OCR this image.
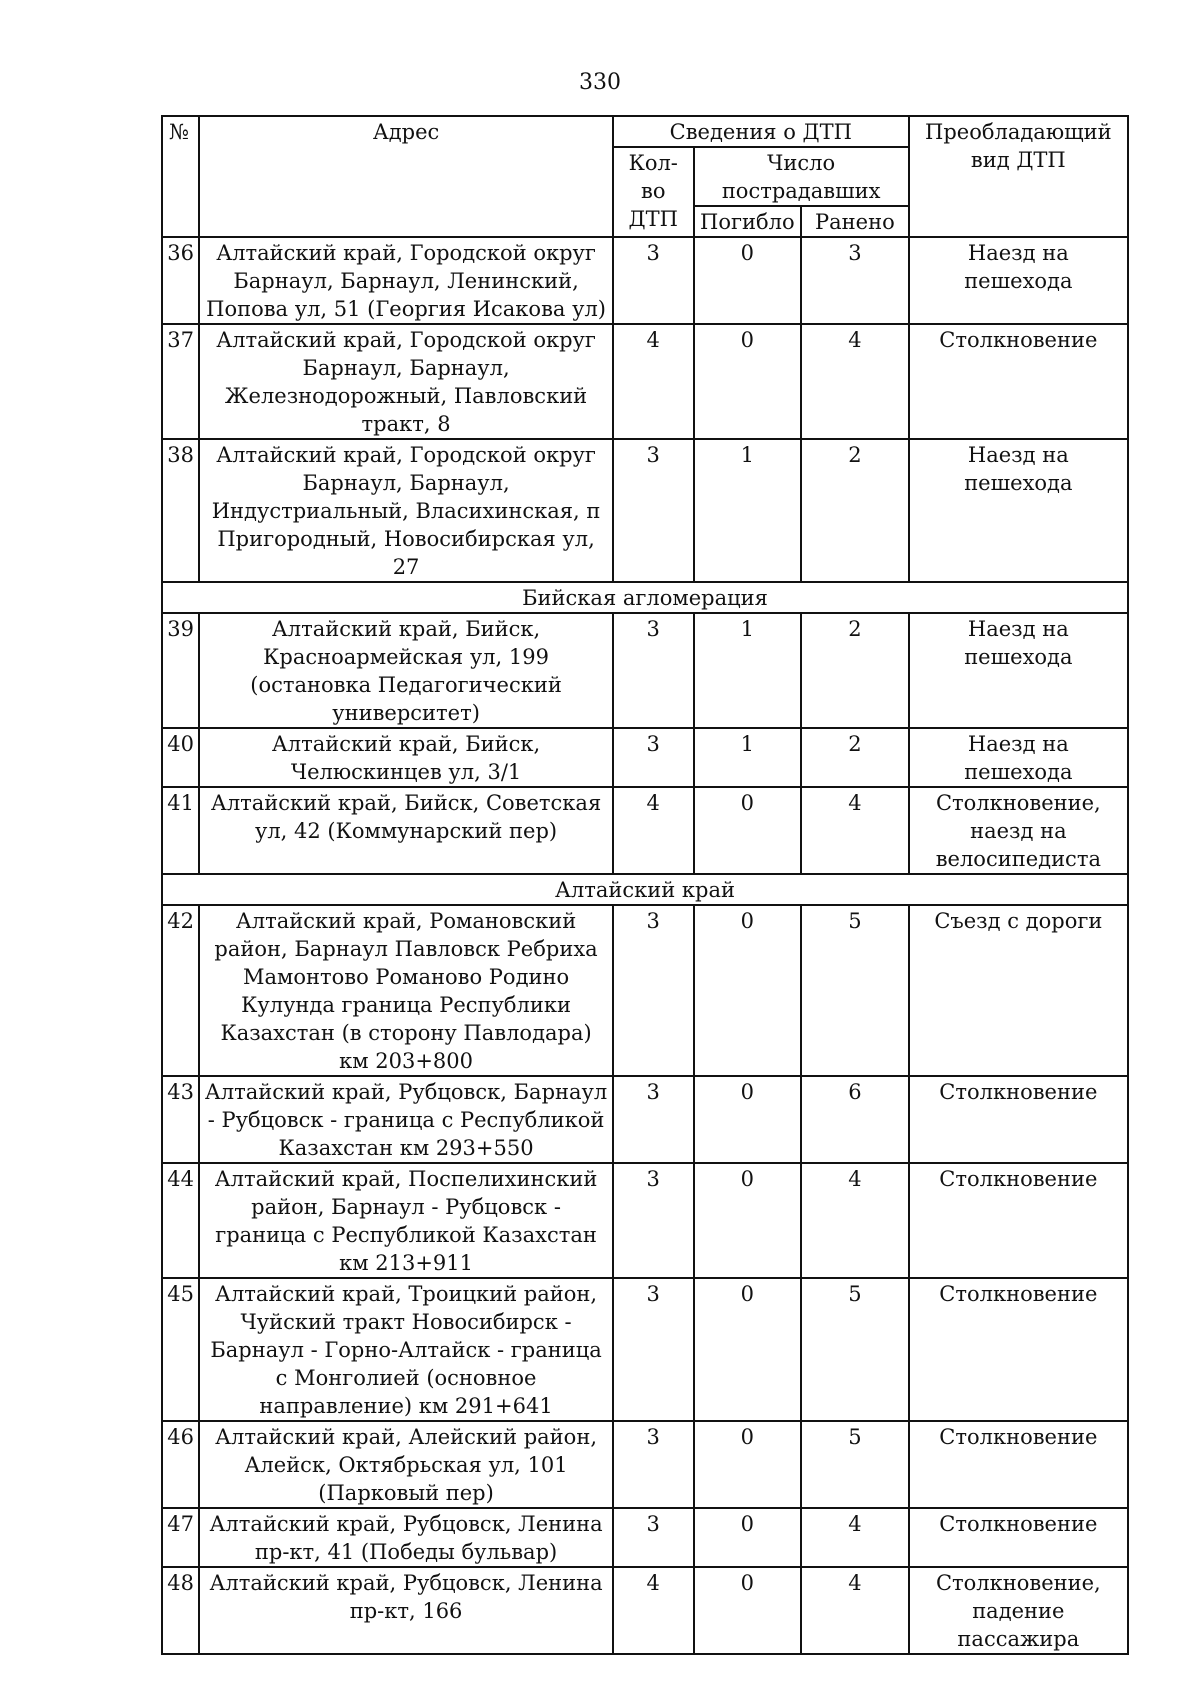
330
№	Адрес	Сведения о ДТП			Преобладающий вид ДТП
		Кол-во ДТП	Число пострадавших		
			Погибло	Ранено	
36	Алтайский край, Городской округ Барнаул, Барнаул, Ленинский, Попова ул, 51 (Георгия Исакова ул)	3	0	3	Наезд на пешехода
37	Алтайский край, Городской округ Барнаул, Барнаул, Железнодорожный, Павловский тракт, 8	4	0	4	Столкновение
38	Алтайский край, Городской округ Барнаул, Барнаул, Индустриальный, Власихинская, п Пригородный, Новосибирская ул, 27	3	1	2	Наезд на пешехода
Бийская агломерация					
39	Алтайский край, Бийск, Красноармейская ул, 199 (остановка Педагогический университет)	3	1	2	Наезд на пешехода
40	Алтайский край, Бийск, Челюскинцев ул, 3/1	3	1	2	Наезд на пешехода
41	Алтайский край, Бийск, Советская ул, 42 (Коммунарский пер)	4	0	4	Столкновение, наезд на велосипедиста
Алтайский край					
42	Алтайский край, Романовский район, Барнаул Павловск Ребриха Мамонтово Романово Родино Кулунда граница Республики Казахстан (в сторону Павлодара) км 203+800	3	0	5	Съезд с дороги
43	Алтайский край, Рубцовск, Барнаул - Рубцовск - граница с Республикой Казахстан км 293+550	3	0	6	Столкновение
44	Алтайский край, Поспелихинский район, Барнаул - Рубцовск - граница с Республикой Казахстан км 213+911	3	0	4	Столкновение
45	Алтайский край, Троицкий район, Чуйский тракт Новосибирск - Барнаул - Горно-Алтайск - граница с Монголией (основное направление) км 291+641	3	0	5	Столкновение
46	Алтайский край, Алейский район, Алейск, Октябрьская ул, 101 (Парковый пер)	3	0	5	Столкновение
47	Алтайский край, Рубцовск, Ленина пр-кт, 41 (Победы бульвар)	3	0	4	Столкновение
48	Алтайский край, Рубцовск, Ленина пр-кт, 166	4	0	4	Столкновение, падение пассажира
